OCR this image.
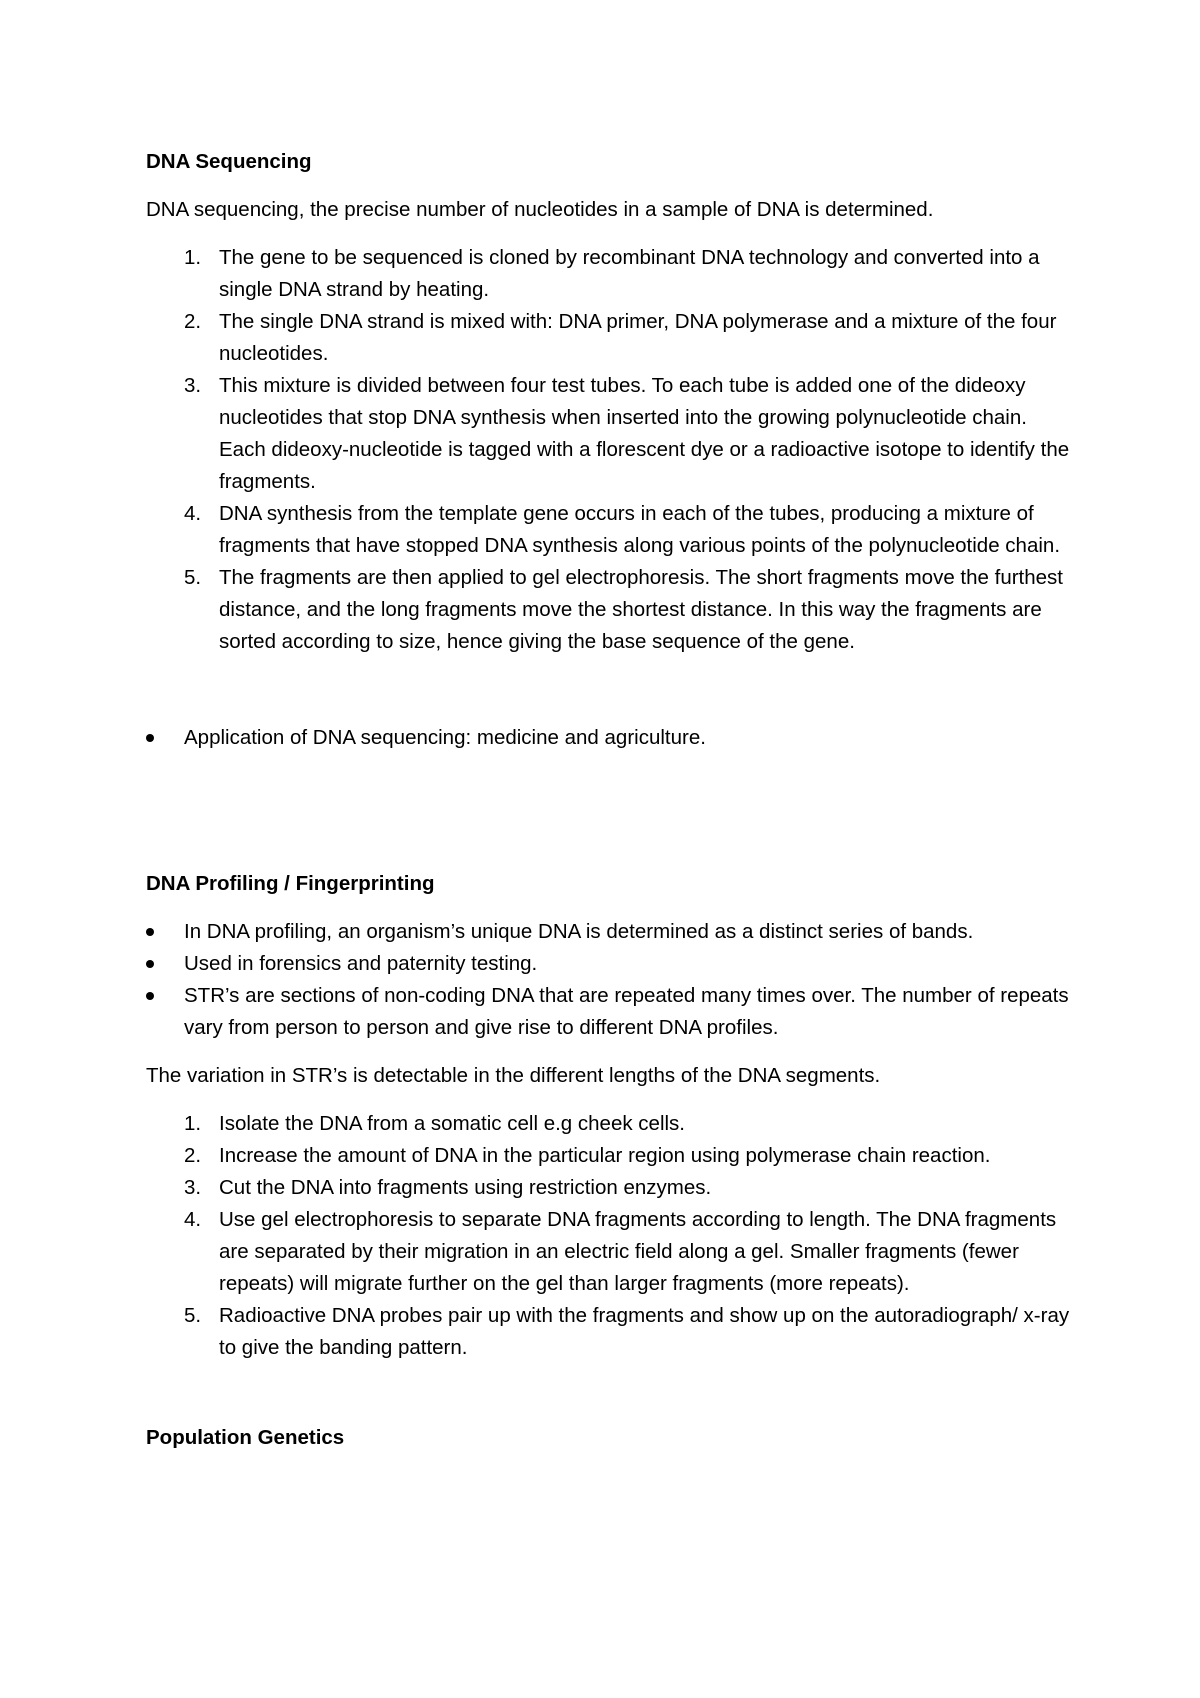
DNA Sequencing

DNA sequencing, the precise number of nucleotides in a sample of DNA is determined.

1. The gene to be sequenced is cloned by recombinant DNA technology and converted into a single DNA strand by heating.
2. The single DNA strand is mixed with: DNA primer, DNA polymerase and a mixture of the four nucleotides.
3. This mixture is divided between four test tubes. To each tube is added one of the dideoxy nucleotides that stop DNA synthesis when inserted into the growing polynucleotide chain. Each dideoxy-nucleotide is tagged with a florescent dye or a radioactive isotope to identify the fragments.
4. DNA synthesis from the template gene occurs in each of the tubes, producing a mixture of fragments that have stopped DNA synthesis along various points of the polynucleotide chain.
5. The fragments are then applied to gel electrophoresis. The short fragments move the furthest distance, and the long fragments move the shortest distance. In this way the fragments are sorted according to size, hence giving the base sequence of the gene.
Application of DNA sequencing: medicine and agriculture.
DNA Profiling / Fingerprinting
In DNA profiling, an organism’s unique DNA is determined as a distinct series of bands.
Used in forensics and paternity testing.
STR’s are sections of non-coding DNA that are repeated many times over. The number of repeats vary from person to person and give rise to different DNA profiles.

The variation in STR’s is detectable in the different lengths of the DNA segments.

1. Isolate the DNA from a somatic cell e.g cheek cells.
2. Increase the amount of DNA in the particular region using polymerase chain reaction.
3. Cut the DNA into fragments using restriction enzymes.
4. Use gel electrophoresis to separate DNA fragments according to length. The DNA fragments are separated by their migration in an electric field along a gel. Smaller fragments (fewer repeats) will migrate further on the gel than larger fragments (more repeats).
5. Radioactive DNA probes pair up with the fragments and show up on the autoradiograph/ x-ray to give the banding pattern.
Population Genetics
